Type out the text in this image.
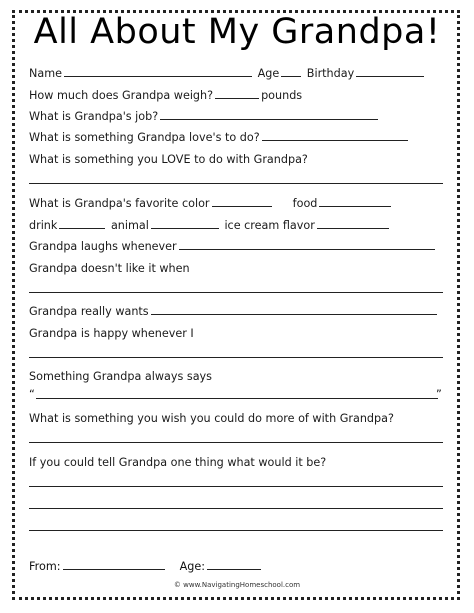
All About My Grandpa!
Name	Age Birthday
How much does Grandpa weigh?	pounds
What is Grandpa's job?
What is something Grandpa love's to do?
What is something you LOVE to do with Grandpa?
What is Grandpa's favorite color	food
drink	animal	ice cream flavor
Grandpa laughs whenever
Grandpa doesn't like it when
Grandpa really wants
Grandpa is happy whenever I
Something Grandpa always says
“	”
What is something you wish you could do more of with Grandpa?
If you could tell Grandpa one thing what would it be?
From:	Age:
© www.NavigatingHomeschool.com
